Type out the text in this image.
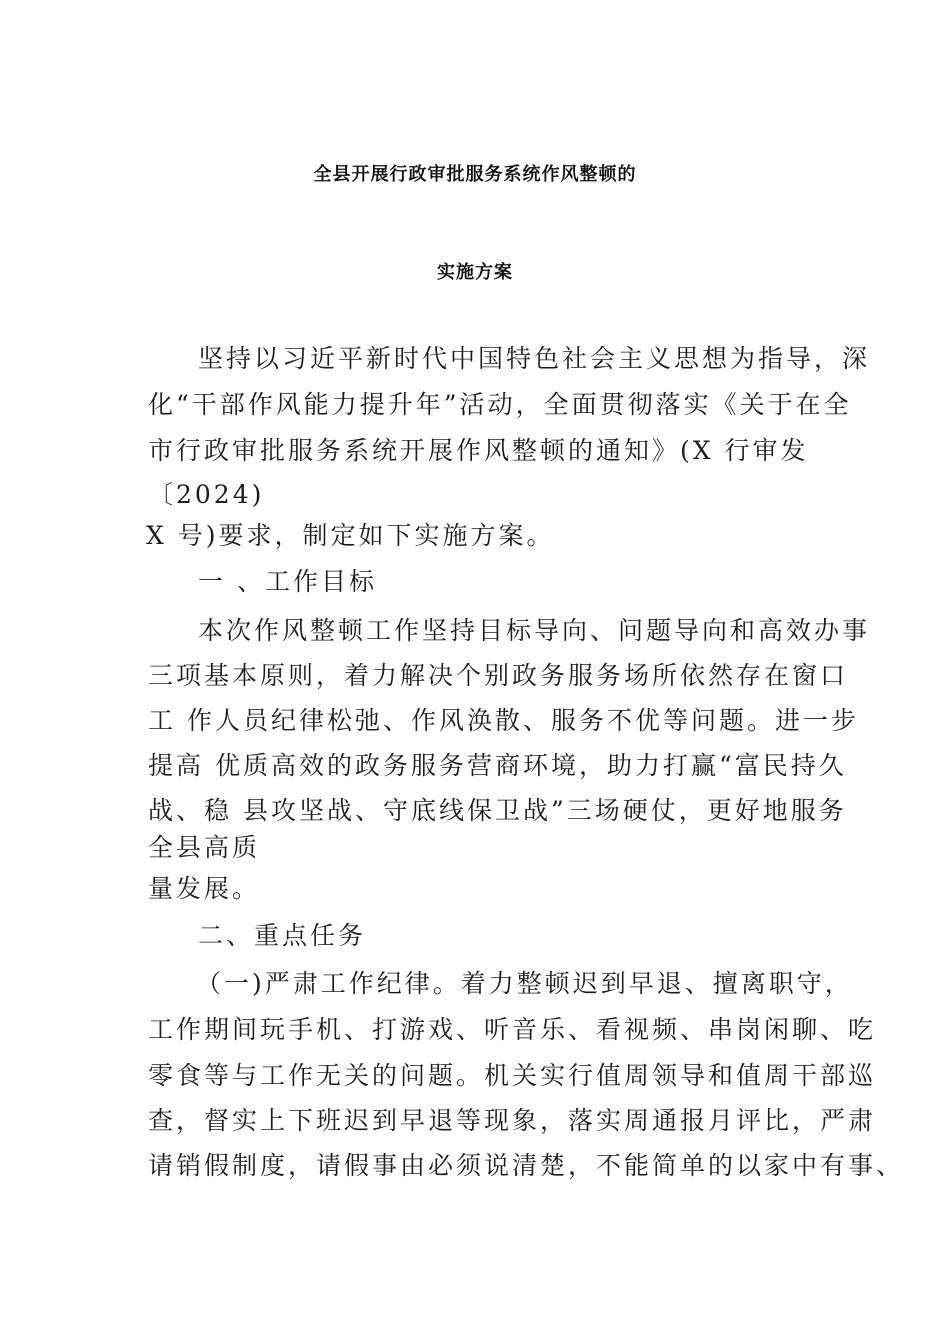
全县开展行政审批服务系统作风整顿的
实施方案
坚持以习近平新时代中国特色社会主义思想为指导，深
化“干部作风能力提升年”活动，全面贯彻落实《关于在全
市行政审批服务系统开展作风整顿的通知》(X 行审发
〔2024)
X 号)要求，制定如下实施方案。
一 、工作目标
本次作风整顿工作坚持目标导向、问题导向和高效办事
三项基本原则，着力解决个别政务服务场所依然存在窗口
工 作人员纪律松弛、作风涣散、服务不优等问题。进一步
提高 优质高效的政务服务营商环境，助力打赢“富民持久
战、稳 县攻坚战、守底线保卫战”三场硬仗，更好地服务
全县高质
量发展。
二、重点任务
（一)严肃工作纪律。着力整顿迟到早退、擅离职守，
工作期间玩手机、打游戏、听音乐、看视频、串岗闲聊、吃
零食等与工作无关的问题。机关实行值周领导和值周干部巡
查，督实上下班迟到早退等现象，落实周通报月评比，严肃
请销假制度，请假事由必须说清楚，不能简单的以家中有事、
